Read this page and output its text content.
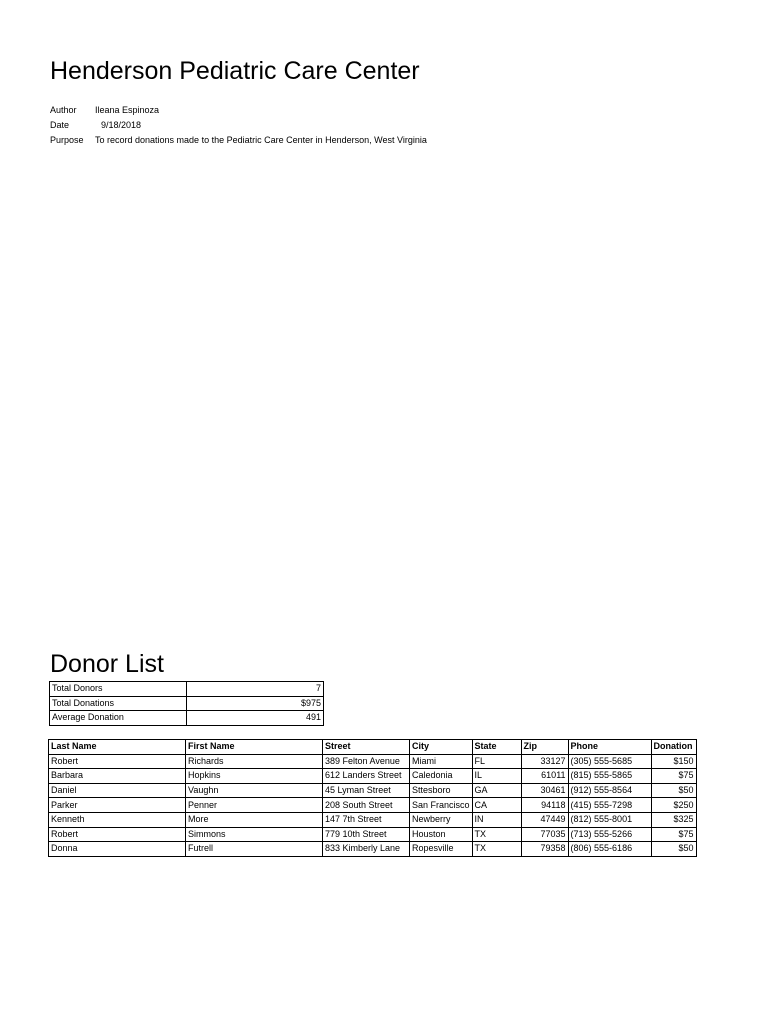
Henderson Pediatric Care Center
Author	Ileana Espinoza
Date	9/18/2018
Purpose	To record donations made to the Pediatric Care Center in Henderson, West Virginia
Donor List
Total Donors	7
Total Donations	$975
Average Donation	491
Last Name	First Name	Street	City	State	Zip	Phone	Donation
Robert	Richards	389 Felton Avenue	Miami	FL	33127	(305) 555-5685	$150
Barbara	Hopkins	612 Landers Street	Caledonia	IL	61011	(815) 555-5865	$75
Daniel	Vaughn	45 Lyman Street	Sttesboro	GA	30461	(912) 555-8564	$50
Parker	Penner	208 South Street	San Francisco	CA	94118	(415) 555-7298	$250
Kenneth	More	147 7th Street	Newberry	IN	47449	(812) 555-8001	$325
Robert	Simmons	779 10th Street	Houston	TX	77035	(713) 555-5266	$75
Donna	Futrell	833 Kimberly Lane	Ropesville	TX	79358	(806) 555-6186	$50
